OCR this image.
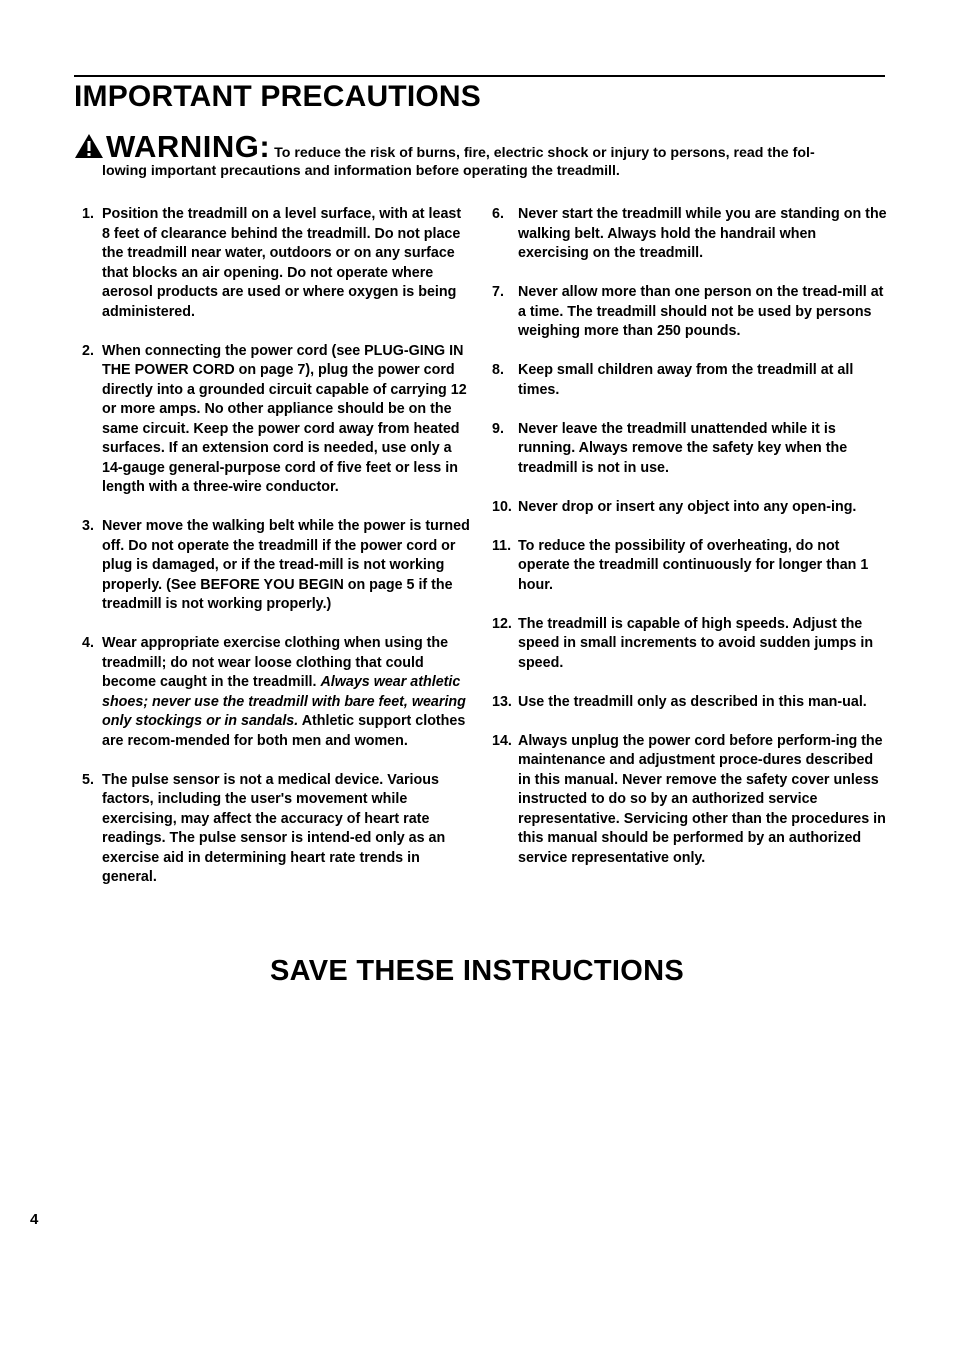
IMPORTANT PRECAUTIONS
WARNING: To reduce the risk of burns, fire, electric shock or injury to persons, read the fol-
lowing important precautions and information before operating the treadmill.
1. Position the treadmill on a level surface, with at least 8 feet of clearance behind the treadmill. Do not place the treadmill near water, outdoors or on any surface that blocks an air opening. Do not operate where aerosol products are used or where oxygen is being administered.
2. When connecting the power cord (see PLUG-GING IN THE POWER CORD on page 7), plug the power cord directly into a grounded circuit capable of carrying 12 or more amps. No other appliance should be on the same circuit. Keep the power cord away from heated surfaces. If an extension cord is needed, use only a 14-gauge general-purpose cord of five feet or less in length with a three-wire conductor.
3. Never move the walking belt while the power is turned off. Do not operate the treadmill if the power cord or plug is damaged, or if the tread-mill is not working properly. (See BEFORE YOU BEGIN on page 5 if the treadmill is not working properly.)
4. Wear appropriate exercise clothing when using the treadmill; do not wear loose clothing that could become caught in the treadmill. Always wear athletic shoes; never use the treadmill with bare feet, wearing only stockings or in sandals. Athletic support clothes are recom-mended for both men and women.
5. The pulse sensor is not a medical device. Various factors, including the user's movement while exercising, may affect the accuracy of heart rate readings. The pulse sensor is intend-ed only as an exercise aid in determining heart rate trends in general.
6. Never start the treadmill while you are standing on the walking belt. Always hold the handrail when exercising on the treadmill.
7. Never allow more than one person on the tread-mill at a time. The treadmill should not be used by persons weighing more than 250 pounds.
8. Keep small children away from the treadmill at all times.
9. Never leave the treadmill unattended while it is running. Always remove the safety key when the treadmill is not in use.
10. Never drop or insert any object into any open-ing.
11. To reduce the possibility of overheating, do not operate the treadmill continuously for longer than 1 hour.
12. The treadmill is capable of high speeds. Adjust the speed in small increments to avoid sudden jumps in speed.
13. Use the treadmill only as described in this man-ual.
14. Always unplug the power cord before perform-ing the maintenance and adjustment proce-dures described in this manual. Never remove the safety cover unless instructed to do so by an authorized service representative. Servicing other than the procedures in this manual should be performed by an authorized service representative only.
SAVE THESE INSTRUCTIONS
4
